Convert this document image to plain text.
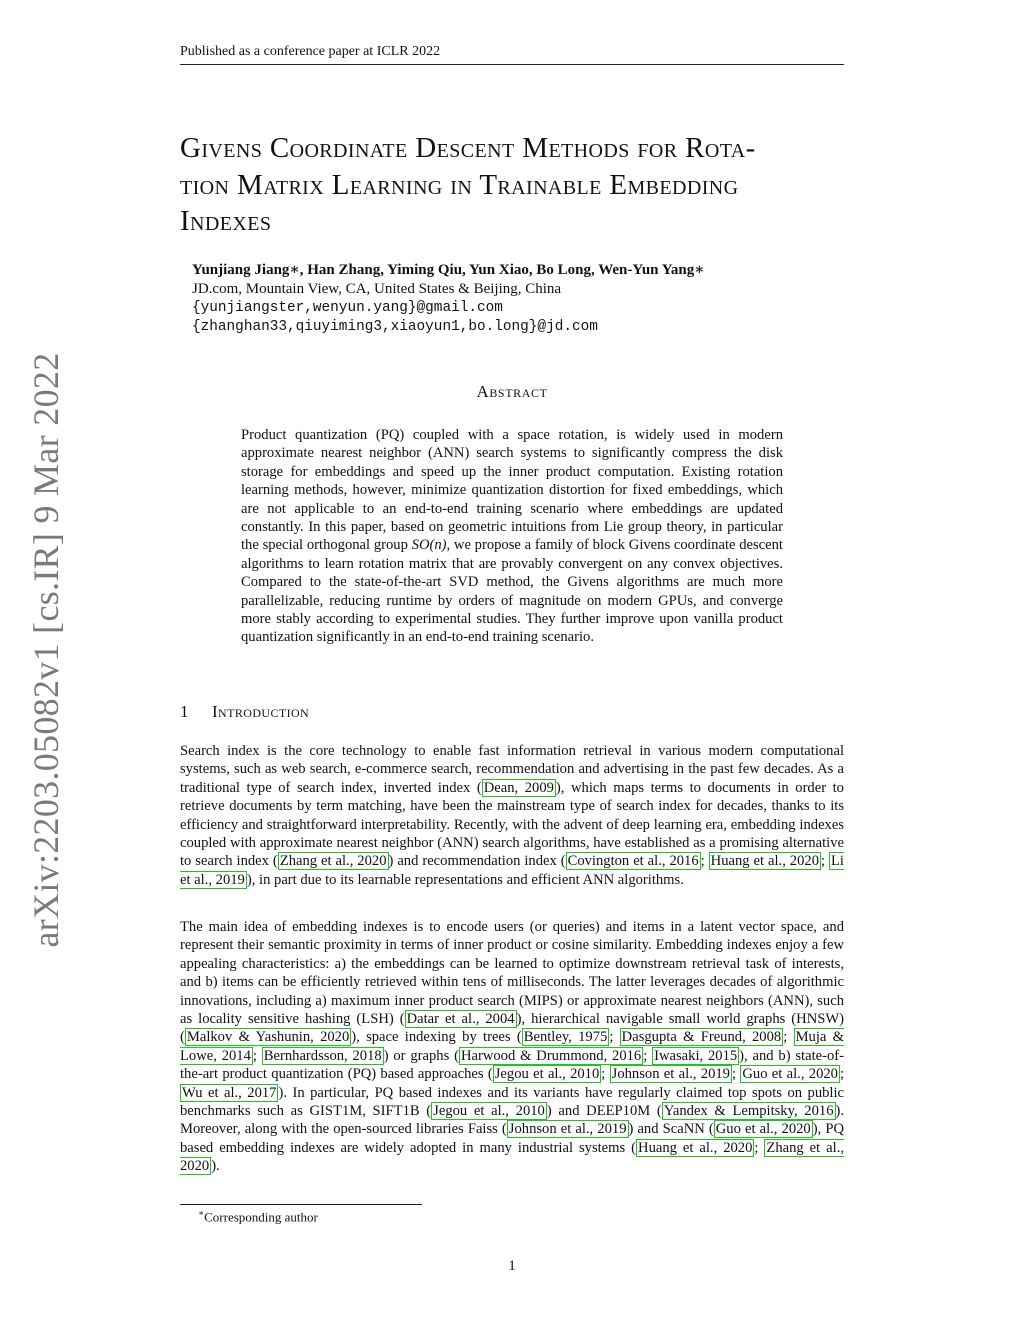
Published as a conference paper at ICLR 2022
arXiv:2203.05082v1 [cs.IR] 9 Mar 2022
Givens Coordinate Descent Methods for Rota-
tion Matrix Learning in Trainable Embedding
Indexes
Yunjiang Jiang∗, Han Zhang, Yiming Qiu, Yun Xiao, Bo Long, Wen-Yun Yang∗
JD.com, Mountain View, CA, United States & Beijing, China
{yunjiangster,wenyun.yang}@gmail.com
{zhanghan33,qiuyiming3,xiaoyun1,bo.long}@jd.com
Abstract

Product quantization (PQ) coupled with a space rotation, is widely used in modern approximate nearest neighbor (ANN) search systems to significantly compress the disk storage for embeddings and speed up the inner product computation. Existing rotation learning methods, however, minimize quantization distortion for fixed embeddings, which are not applicable to an end-to-end training scenario where embeddings are updated constantly. In this paper, based on geometric intuitions from Lie group theory, in particular the special orthogonal group SO(n), we propose a family of block Givens coordinate descent algorithms to learn rotation matrix that are provably convergent on any convex objectives. Compared to the state-of-the-art SVD method, the Givens algorithms are much more parallelizable, reducing runtime by orders of magnitude on modern GPUs, and converge more stably according to experimental studies. They further improve upon vanilla product quantization significantly in an end-to-end training scenario.

1 Introduction

Search index is the core technology to enable fast information retrieval in various modern computational systems, such as web search, e-commerce search, recommendation and advertising in the past few decades. As a traditional type of search index, inverted index ( Dean, 2009 ), which maps terms to documents in order to retrieve documents by term matching, have been the mainstream type of search index for decades, thanks to its efficiency and straightforward interpretability. Recently, with the advent of deep learning era, embedding indexes coupled with approximate nearest neighbor (ANN) search algorithms, have established as a promising alternative to search index ( Zhang et al., 2020 ) and recommendation index ( Covington et al., 2016 ; Huang et al., 2020 ; Li et al., 2019 ), in part due to its learnable representations and efficient ANN algorithms.

The main idea of embedding indexes is to encode users (or queries) and items in a latent vector space, and represent their semantic proximity in terms of inner product or cosine similarity. Embedding indexes enjoy a few appealing characteristics: a) the embeddings can be learned to optimize downstream retrieval task of interests, and b) items can be efficiently retrieved within tens of milliseconds. The latter leverages decades of algorithmic innovations, including a) maximum inner product search (MIPS) or approximate nearest neighbors (ANN), such as locality sensitive hashing (LSH) ( Datar et al., 2004 ), hierarchical navigable small world graphs (HNSW) ( Malkov & Yashunin, 2020 ), space indexing by trees ( Bentley, 1975 ; Dasgupta & Freund, 2008 ; Muja & Lowe, 2014 ; Bernhardsson, 2018 ) or graphs ( Harwood & Drummond, 2016 ; Iwasaki, 2015 ), and b) state-of-the-art product quantization (PQ) based approaches ( Jegou et al., 2010 ; Johnson et al., 2019 ; Guo et al., 2020 ; Wu et al., 2017 ). In particular, PQ based indexes and its variants have regularly claimed top spots on public benchmarks such as GIST1M, SIFT1B ( Jegou et al., 2010 ) and DEEP10M ( Yandex & Lempitsky, 2016 ). Moreover, along with the open-sourced libraries Faiss ( Johnson et al., 2019 ) and ScaNN ( Guo et al., 2020 ), PQ based embedding indexes are widely adopted in many industrial systems ( Huang et al., 2020 ; Zhang et al., 2020 ).

∗Corresponding author
1
